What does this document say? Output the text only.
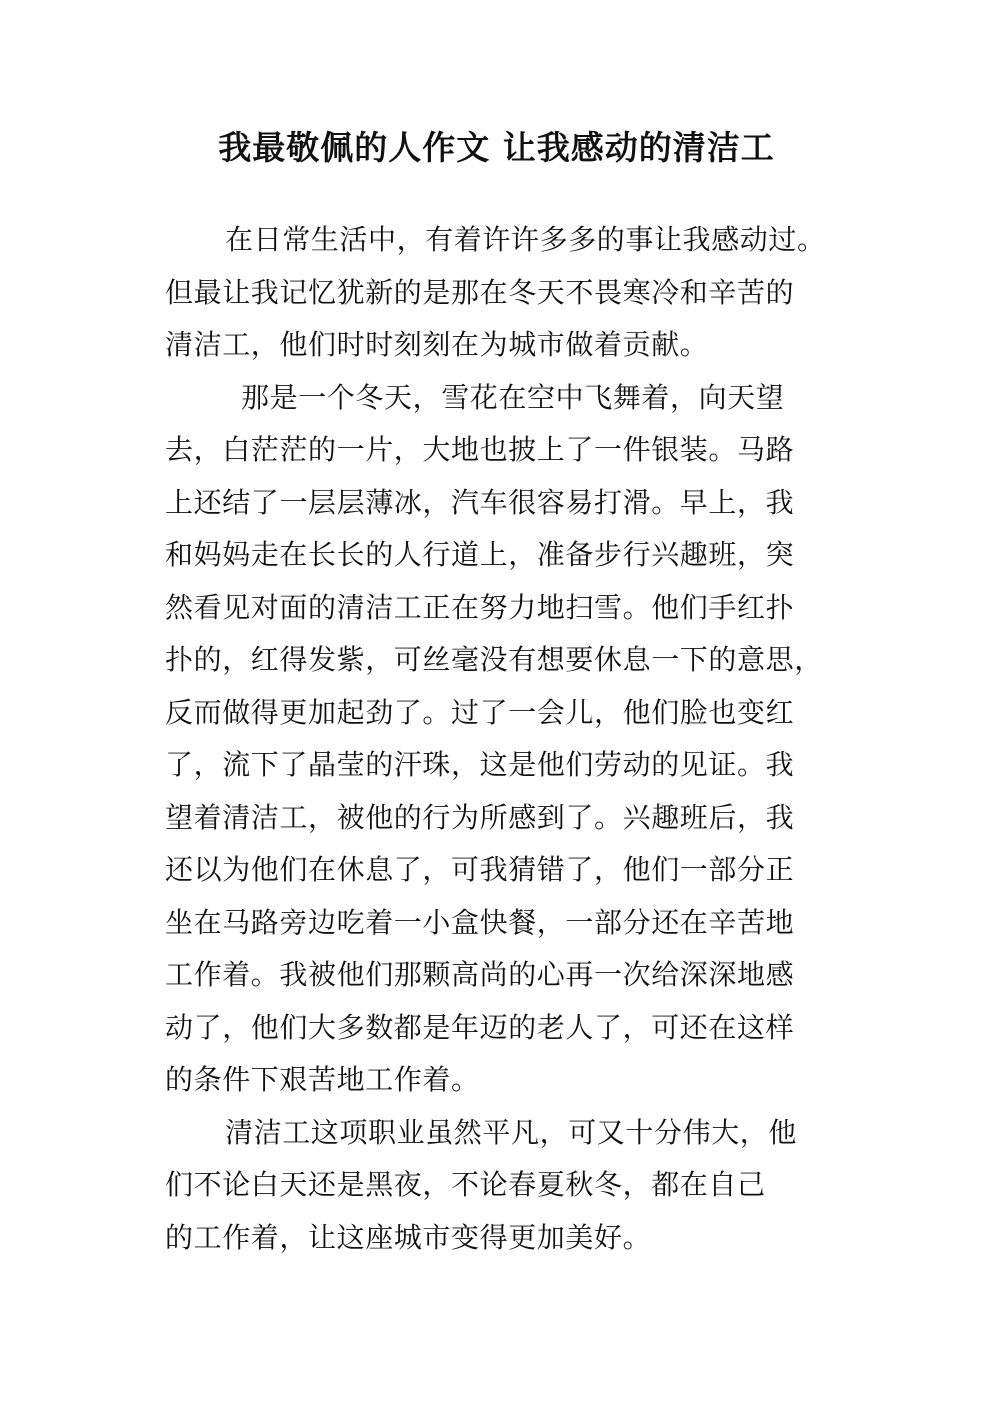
我最敬佩的人作文 让我感动的清洁工
在日常生活中，有着许许多多的事让我感动过。
但最让我记忆犹新的是那在冬天不畏寒冷和辛苦的
清洁工，他们时时刻刻在为城市做着贡献。
那是一个冬天，雪花在空中飞舞着，向天望
去，白茫茫的一片，大地也披上了一件银装。马路
上还结了一层层薄冰，汽车很容易打滑。早上，我
和妈妈走在长长的人行道上，准备步行兴趣班，突
然看见对面的清洁工正在努力地扫雪。他们手红扑
扑的，红得发紫，可丝毫没有想要休息一下的意思，
反而做得更加起劲了。过了一会儿，他们脸也变红
了，流下了晶莹的汗珠，这是他们劳动的见证。我
望着清洁工，被他的行为所感到了。兴趣班后，我
还以为他们在休息了，可我猜错了，他们一部分正
坐在马路旁边吃着一小盒快餐，一部分还在辛苦地
工作着。我被他们那颗高尚的心再一次给深深地感
动了，他们大多数都是年迈的老人了，可还在这样
的条件下艰苦地工作着。
清洁工这项职业虽然平凡，可又十分伟大，他
们不论白天还是黑夜，不论春夏秋冬，都在自己
的工作着，让这座城市变得更加美好。
